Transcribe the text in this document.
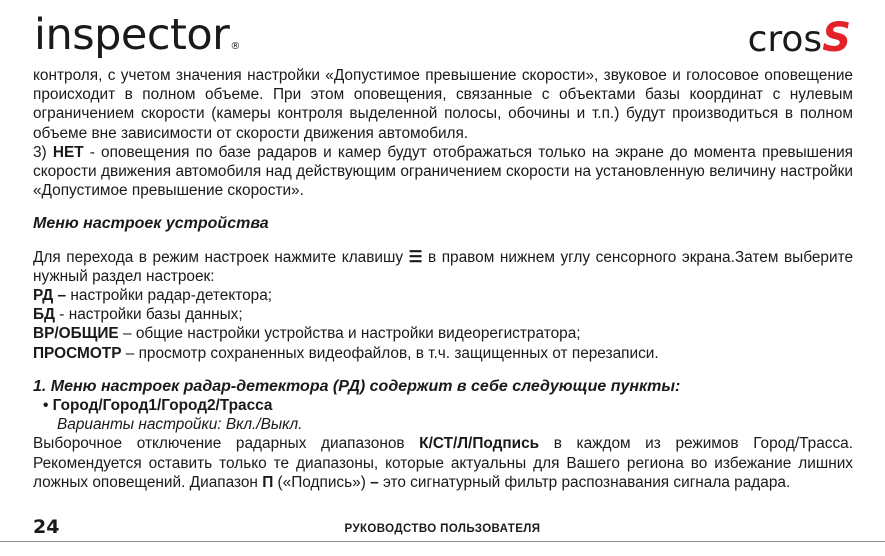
inspector®	crosS

контроля, с учетом значения настройки «Допустимое превышение скорости», звуковое и голосовое оповещение происходит в полном объеме. При этом оповещения, связанные с объектами базы координат с нулевым ограничением скорости (камеры контроля выделенной полосы, обочины и т.п.) будут производиться в полном объеме вне зависимости от скорости движения автомобиля.

3) НЕТ - оповещения по базе радаров и камер будут отображаться только на экране до момента превышения скорости движения автомобиля над действующим ограничением скорости на установленную величину настройки «Допустимое превышение скорости».

Меню настроек устройства

Для перехода в режим настроек нажмите клавишу ☰ в правом нижнем углу сенсорного экрана.Затем выберите нужный раздел настроек:

РД – настройки радар-детектора;

БД - настройки базы данных;

ВР/ОБЩИЕ – общие настройки устройства и настройки видеорегистратора;

ПРОСМОТР – просмотр сохраненных видеофайлов, в т.ч. защищенных от перезаписи.

1. Меню настроек радар-детектора (РД) содержит в себе следующие пункты:

• Город/Город1/Город2/Трасса

Варианты настройки: Вкл./Выкл.

Выборочное отключение радарных диапазонов К/СТ/Л/Подпись в каждом из режимов Город/Трасса. Рекомендуется оставить только те диапазоны, которые актуальны для Вашего региона во избежание лишних ложных оповещений. Диапазон П («Подпись») – это сигнатурный фильтр распознавания сигнала радара.

24	РУКОВОДСТВО ПОЛЬЗОВАТЕЛЯ
